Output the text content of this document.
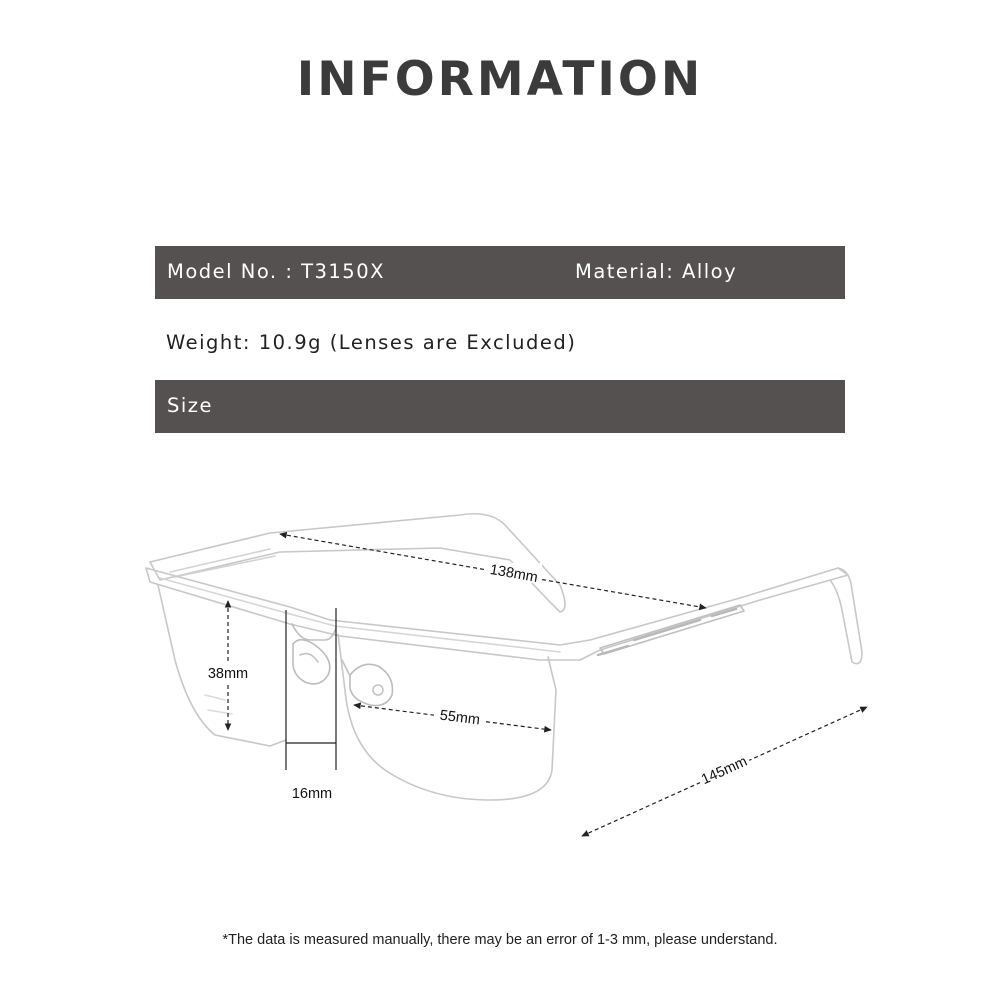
INFORMATION
Model No. : T3150X	Material: Alloy
Weight: 10.9g (Lenses are Excluded)
Size
138mm
38mm
55mm
16mm
145mm
*The data is measured manually, there may be an error of 1-3 mm, please understand.
